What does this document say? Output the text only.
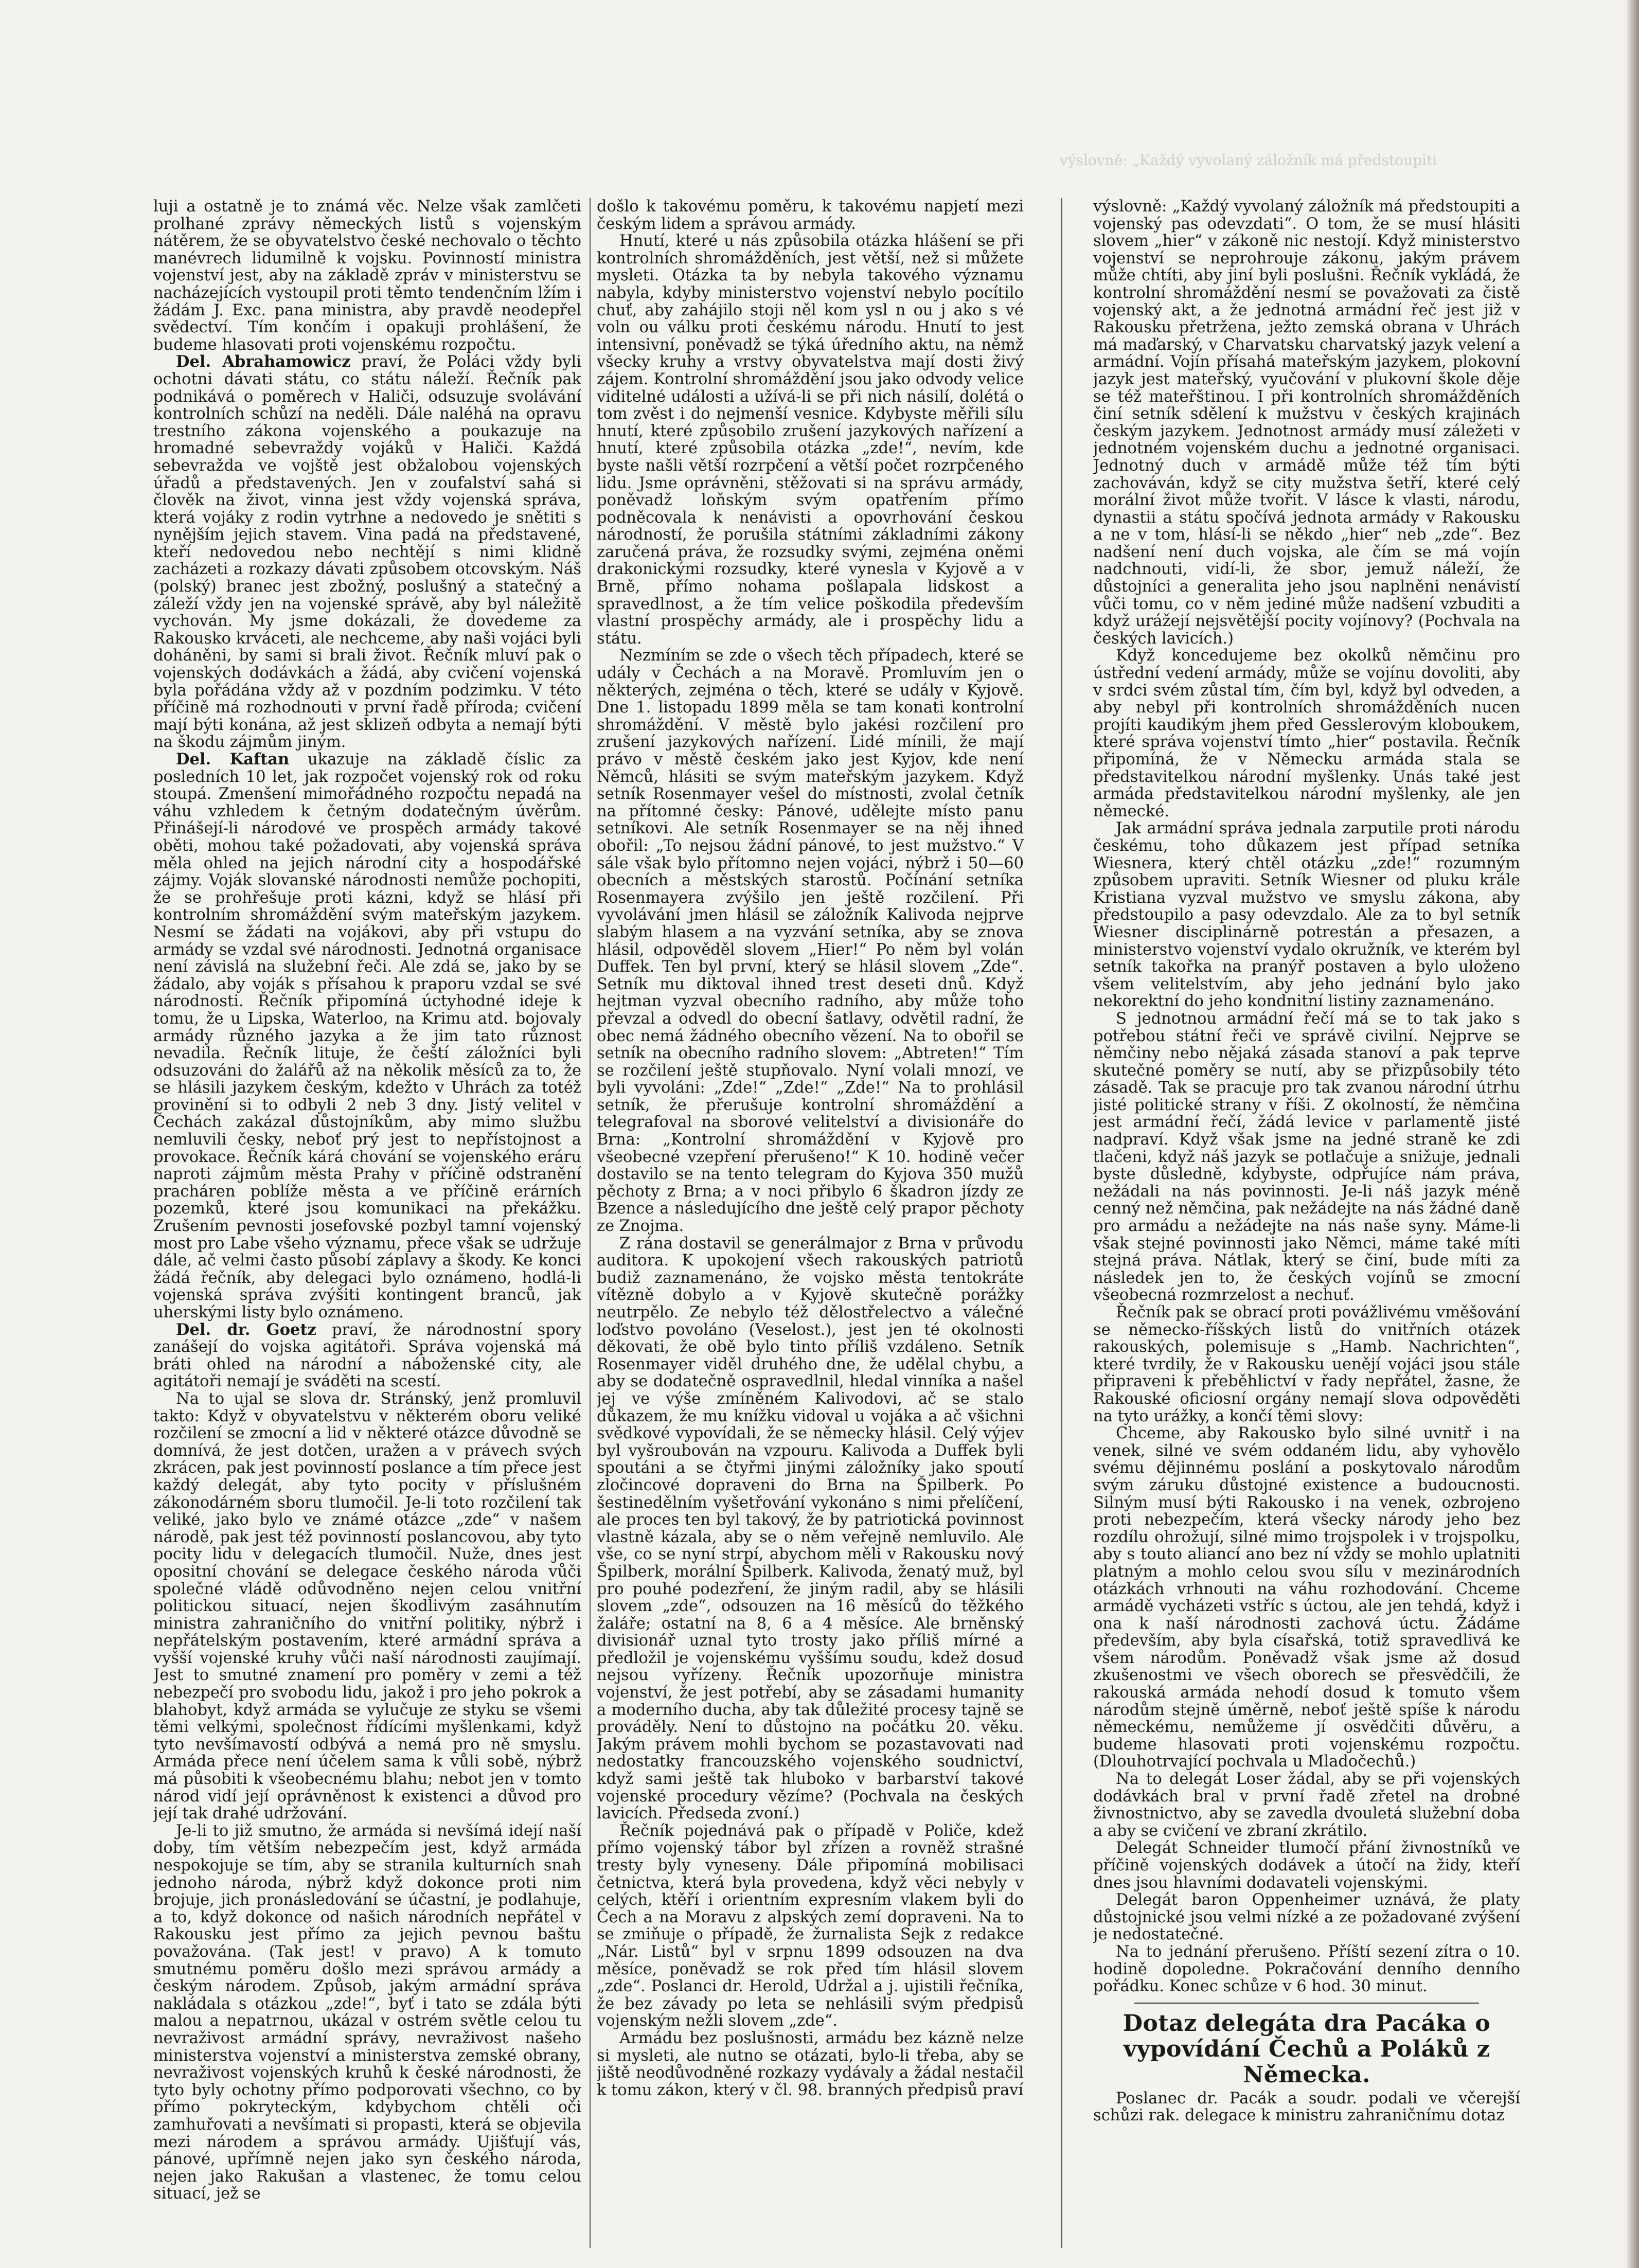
výslovně: „Každý vyvolaný záložník má předstoupiti

luji a ostatně je to známá věc. Nelze však zamlčeti prolhané zprávy německých listů s vojenským nátěrem, že se obyvatelstvo české nechovalo o těchto manévrech lidumilně k vojsku. Povinností ministra vojenství jest, aby na základě zpráv v ministerstvu se nacházejících vystoupil proti těmto tendenčním lžím i žádám J. Exc. pana ministra, aby pravdě neodepřel svědectví. Tím končím i opakuji prohlášení, že budeme hlasovati proti vojenskému rozpočtu.

Del. Abrahamowicz praví, že Poláci vždy byli ochotni dávati státu, co státu náleží. Řečník pak podnikává o poměrech v Haliči, odsuzuje svolávání kontrolních schůzí na neděli. Dále naléhá na opravu trestního zákona vojenského a poukazuje na hromadné sebevraždy vojáků v Haliči. Každá sebevražda ve vojště jest obžalobou vojenských úřadů a představených. Jen v zoufalství sahá si člověk na život, vinna jest vždy vojenská správa, která vojáky z rodin vytrhne a nedovedo je snětiti s nynějším jejich stavem. Vina padá na představené, kteří nedovedou nebo nechtějí s nimi klidně zacházeti a rozkazy dávati způsobem otcovským. Náš (polský) branec jest zbožný, poslušný a statečný a záleží vždy jen na vojenské správě, aby byl náležitě vychován. My jsme dokázali, že dovedeme za Rakousko krváceti, ale nechceme, aby naši vojáci byli doháněni, by sami si brali život. Řečník mluví pak o vojenských dodávkách a žádá, aby cvičení vojenská byla pořádána vždy až v pozdním podzimku. V této příčině má rozhodnouti v první řadě příroda; cvičení mají býti konána, až jest sklizeň odbyta a nemají býti na škodu zájmům jiným.

Del. Kaftan ukazuje na základě číslic za posledních 10 let, jak rozpočet vojenský rok od roku stoupá. Zmenšení mimořádného rozpočtu nepadá na váhu vzhledem k četným dodatečným úvěrům. Přinášejí-li národové ve prospěch armády takové oběti, mohou také požadovati, aby vojenská správa měla ohled na jejich národní city a hospodářské zájmy. Voják slovanské národnosti nemůže pochopiti, že se prohřešuje proti kázni, když se hlásí při kontrolním shromáždění svým mateřským jazykem. Nesmí se žádati na vojákovi, aby při vstupu do armády se vzdal své národnosti. Jednotná organisace není závislá na služební řeči. Ale zdá se, jako by se žádalo, aby voják s přísahou k praporu vzdal se své národnosti. Řečník připomíná úctyhodné ideje k tomu, že u Lipska, Waterloo, na Krimu atd. bojovaly armády různého jazyka a že jim tato různost nevadila. Řečník lituje, že čeští záložníci byli odsuzováni do žalářů až na několik měsíců za to, že se hlásili jazykem českým, kdežto v Uhrách za totéž provinění si to odbyli 2 neb 3 dny. Jistý velitel v Čechách zakázal důstojníkům, aby mimo službu nemluvili česky, neboť prý jest to nepřístojnost a provokace. Řečník kárá chování se vojenského eráru naproti zájmům města Prahy v příčině odstranění pracháren poblíže města a ve příčině erárních pozemků, které jsou komunikaci na překážku. Zrušením pevnosti josefovské pozbyl tamní vojenský most pro Labe všeho významu, přece však se udržuje dále, ač velmi často působí záplavy a škody. Ke konci žádá řečník, aby delegaci bylo oznámeno, hodlá-li vojenská správa zvýšiti kontingent branců, jak uherskými listy bylo oznámeno.

Del. dr. Goetz praví, že národnostní spory zanášejí do vojska agitátoři. Správa vojenská má bráti ohled na národní a náboženské city, ale agitátoři nemají je sváděti na scestí.

Na to ujal se slova dr. Stránský, jenž promluvil takto: Když v obyvatelstvu v některém oboru veliké rozčilení se zmocní a lid v některé otázce důvodně se domnívá, že jest dotčen, uražen a v právech svých zkrácen, pak jest povinností poslance a tím přece jest každý delegát, aby tyto pocity v příslušném zákonodárném sboru tlumočil. Je-li toto rozčilení tak veliké, jako bylo ve známé otázce „zde“ v našem národě, pak jest též povinností poslancovou, aby tyto pocity lidu v delegacích tlumočil. Nuže, dnes jest opositní chování se delegace českého národa vůči společné vládě odůvodněno nejen celou vnitřní politickou situací, nejen škodlivým zasáhnutím ministra zahraničního do vnitřní politiky, nýbrž i nepřátelským postavením, které armádní správa a vyšší vojenské kruhy vůči naší národnosti zaujímají. Jest to smutné znamení pro poměry v zemi a též nebezpečí pro svobodu lidu, jakož i pro jeho pokrok a blahobyt, když armáda se vylučuje ze styku se všemi těmi velkými, společnost řídícími myšlenkami, když tyto nevšímavostí odbývá a nemá pro ně smyslu. Armáda přece není účelem sama k vůli sobě, nýbrž má působiti k všeobecnému blahu; nebot jen v tomto národ vidí její oprávněnost k existenci a důvod pro její tak drahé udržování.

Je-li to již smutno, že armáda si nevšímá idejí naší doby, tím větším nebezpečím jest, když armáda nespokojuje se tím, aby se stranila kulturních snah jednoho národa, nýbrž když dokonce proti nim brojuje, jich pronásledování se účastní, je podlahuje, a to, když dokonce od našich národních nepřátel v Rakousku jest přímo za jejich pevnou baštu považována. (Tak jest! v pravo) A k tomuto smutnému poměru došlo mezi správou armády a českým národem. Způsob, jakým armádní správa nakládala s otázkou „zde!“, byť i tato se zdála býti malou a nepatrnou, ukázal v ostrém světle celou tu nevraživost armádní správy, nevraživost našeho ministerstva vojenství a ministerstva zemské obrany, nevraživost vojenských kruhů k české národnosti, že tyto byly ochotny přímo podporovati všechno, co by přímo pokryteckým, kdybychom chtěli oči zamhuřovati a nevšímati si propasti, která se objevila mezi národem a správou armády. Ujišťují vás, pánové, upřímně nejen jako syn českého národa, nejen jako Rakušan a vlastenec, že tomu celou situací, jež se

došlo k takovému poměru, k takovému napjetí mezi českým lidem a správou armády.

Hnutí, které u nás způsobila otázka hlášení se při kontrolních shromážděních, jest větší, než si můžete mysleti. Otázka ta by nebyla takového významu nabyla, kdyby ministerstvo vojenství nebylo pocítilo chuť, aby zahájilo stoji něl kom ysl n ou j ako s vé voln ou válku proti českému národu. Hnutí to jest intensivní, poněvadž se týká úředního aktu, na němž všecky kruhy a vrstvy obyvatelstva mají dosti živý zájem. Kontrolní shromáždění jsou jako odvody velice viditelné události a užívá-li se při nich násilí, dolétá o tom zvěst i do nejmenší vesnice. Kdybyste měřili sílu hnutí, které způsobilo zrušení jazykových nařízení a hnutí, které způsobila otázka „zde!“, nevím, kde byste našli větší rozrpčení a větší počet rozrpčeného lidu. Jsme oprávněni, stěžovati si na správu armády, poněvadž loňským svým opatřením přímo podněcovala k nenávisti a opovrhování českou národností, že porušila státními základními zákony zaručená práva, že rozsudky svými, zejména oněmi drakonickými rozsudky, které vynesla v Kyjově a v Brně, přímo nohama pošlapala lidskost a spravedlnost, a že tím velice poškodila především vlastní prospěchy armády, ale i prospěchy lidu a státu.

Nezmíním se zde o všech těch případech, které se udály v Čechách a na Moravě. Promluvím jen o některých, zejména o těch, které se udály v Kyjově. Dne 1. listopadu 1899 měla se tam konati kontrolní shromáždění. V městě bylo jakési rozčilení pro zrušení jazykových nařízení. Lidé mínili, že mají právo v městě českém jako jest Kyjov, kde není Němců, hlásiti se svým mateřským jazykem. Když setník Rosenmayer vešel do místnosti, zvolal četník na přítomné česky: Pánové, udělejte místo panu setníkovi. Ale setník Rosenmayer se na něj ihned obořil: „To nejsou žádní pánové, to jest mužstvo.“ V sále však bylo přítomno nejen vojáci, nýbrž i 50—60 obecních a městských starostů. Počínání setníka Rosenmayera zvýšilo jen ještě rozčilení. Při vyvolávání jmen hlásil se záložník Kalivoda nejprve slabým hlasem a na vyzvání setníka, aby se znova hlásil, odpověděl slovem „Hier!“ Po něm byl volán Duffek. Ten byl první, který se hlásil slovem „Zde“. Setník mu diktoval ihned trest deseti dnů. Když hejtman vyzval obecního radního, aby může toho převzal a odvedl do obecní šatlavy, odvětil radní, že obec nemá žádného obecního vězení. Na to obořil se setník na obecního radního slovem: „Abtreten!“ Tím se rozčilení ještě stupňovalo. Nyní volali mnozí, ve byli vyvoláni: „Zde!“ „Zde!“ „Zde!“ Na to prohlásil setník, že přerušuje kontrolní shromáždění a telegrafoval na sborové velitelství a divisionáře do Brna: „Kontrolní shromáždění v Kyjově pro všeobecné vzepření přerušeno!“ K 10. hodině večer dostavilo se na tento telegram do Kyjova 350 mužů pěchoty z Brna; a v noci přibylo 6 škadron jízdy ze Bzence a následujícího dne ještě celý prapor pěchoty ze Znojma.

Z rána dostavil se generálmajor z Brna v průvodu auditora. K upokojení všech rakouských patriotů budiž zaznamenáno, že vojsko města tentokráte vítězně dobylo a v Kyjově skutečně porážky neutrpělo. Ze nebylo též dělostřelectvo a válečné loďstvo povoláno (Veselost.), jest jen té okolnosti děkovati, že obě bylo tinto příliš vzdáleno. Setník Rosenmayer viděl druhého dne, že udělal chybu, a aby se dodatečně ospravedlnil, hledal vinníka a našel jej ve výše zmíněném Kalivodovi, ač se stalo důkazem, že mu knížku vidoval u vojáka a ač všichni svědkové vypovídali, že se německy hlásil. Celý výjev byl vyšroubován na vzpouru. Kalivoda a Duffek byli spoutáni a se čtyřmi jinými záložníky jako spoutí zločincové dopraveni do Brna na Špilberk. Po šestinedělním vyšetřování vykonáno s nimi přelíčení, ale proces ten byl takový, že by patriotická povinnost vlastně kázala, aby se o něm veřejně nemluvilo. Ale vše, co se nyní strpí, abychom měli v Rakousku nový Špilberk, morální Špilberk. Kalivoda, ženatý muž, byl pro pouhé podezření, že jiným radil, aby se hlásili slovem „zde“, odsouzen na 16 měsíců do těžkého žaláře; ostatní na 8, 6 a 4 měsíce. Ale brněnský divisionář uznal tyto trosty jako příliš mírné a předložil je vojenskému vyššímu soudu, kdež dosud nejsou vyřízeny. Řečník upozorňuje ministra vojenství, že jest potřebí, aby se zásadami humanity a moderního ducha, aby tak důležité procesy tajně se prováděly. Není to důstojno na počátku 20. věku. Jakým právem mohli bychom se pozastavovati nad nedostatky francouzského vojenského soudnictví, když sami ještě tak hluboko v barbarství takové vojenské procedury vězíme? (Pochvala na českých lavicích. Předseda zvoní.)

Řečník pojednává pak o případě v Poliče, kdež přímo vojenský tábor byl zřízen a rovněž strašné tresty byly vyneseny. Dále připomíná mobilisaci četnictva, která byla provedena, když věci nebyly v celých, ktěří i orientním expresním vlakem byli do Čech a na Moravu z alpských zemí dopraveni. Na to se zmiňuje o případě, že žurnalista Sejk z redakce „Nár. Listů“ byl v srpnu 1899 odsouzen na dva měsíce, poněvadž se rok před tím hlásil slovem „zde“. Poslanci dr. Herold, Udržal a j. ujistili řečníka, že bez závady po leta se nehlásili svým předpisů vojenským nežli slovem „zde“.

Armádu bez poslušnosti, armádu bez kázně nelze si mysleti, ale nutno se otázati, bylo-li třeba, aby se jiště neodůvodněné rozkazy vydávaly a žádal nestačil k tomu zákon, který v čl. 98. branných předpisů praví

výslovně: „Každý vyvolaný záložník má předstoupiti a vojenský pas odevzdati“. O tom, že se musí hlásiti slovem „hier“ v zákoně nic nestojí. Když ministerstvo vojenství se neprohrouje zákonu, jakým právem může chtíti, aby jiní byli poslušni. Řečník vykládá, že kontrolní shromáždění nesmí se považovati za čistě vojenský akt, a že jednotná armádní řeč jest již v Rakousku přetržena, ježto zemská obrana v Uhrách má maďarský, v Charvatsku charvatský jazyk velení a armádní. Vojín přísahá mateřským jazykem, plokovní jazyk jest mateřský, vyučování v plukovní škole děje se též mateřštinou. I při kontrolních shromážděních činí setník sdělení k mužstvu v českých krajinách českým jazykem. Jednotnost armády musí záležeti v jednotném vojenském duchu a jednotné organisaci. Jednotný duch v armádě může též tím býti zachováván, když se city mužstva šetří, které celý morální život může tvořit. V lásce k vlasti, národu, dynastii a státu spočívá jednota armády v Rakousku a ne v tom, hlásí-li se někdo „hier“ neb „zde“. Bez nadšení není duch vojska, ale čím se má vojín nadchnouti, vidí-li, že sbor, jemuž náleží, že důstojníci a generalita jeho jsou naplněni nenávistí vůči tomu, co v něm jediné může nadšení vzbuditi a když urážejí nejsvětější pocity vojínovy? (Pochvala na českých lavicích.)

Když koncedujeme bez okolků němčinu pro ústřední vedení armády, může se vojínu dovoliti, aby v srdci svém zůstal tím, čím byl, když byl odveden, a aby nebyl při kontrolních shromážděních nucen projíti kaudikým jhem před Gesslerovým kloboukem, které správa vojenství tímto „hier“ postavila. Řečník připomíná, že v Německu armáda stala se představitelkou národní myšlenky. Unás také jest armáda představitelkou národní myšlenky, ale jen německé.

Jak armádní správa jednala zarputile proti národu českému, toho důkazem jest případ setníka Wiesnera, který chtěl otázku „zde!“ rozumným způsobem upraviti. Setník Wiesner od pluku krále Kristiana vyzval mužstvo ve smyslu zákona, aby předstoupilo a pasy odevzdalo. Ale za to byl setník Wiesner disciplinárně potrestán a přesazen, a ministerstvo vojenství vydalo okružník, ve kterém byl setník takořka na pranýř postaven a bylo uloženo všem velitelstvím, aby jeho jednání bylo jako nekorektní do jeho kondnitní listiny zaznamenáno.

S jednotnou armádní řečí má se to tak jako s potřebou státní řeči ve správě civilní. Nejprve se němčiny nebo nějaká zásada stanoví a pak teprve skutečné poměry se nutí, aby se přizpůsobily této zásadě. Tak se pracuje pro tak zvanou národní útrhu jisté politické strany v říši. Z okolností, že němčina jest armádní řečí, žádá levice v parlamentě jisté nadpraví. Když však jsme na jedné straně ke zdi tlačeni, když náš jazyk se potlačuje a snižuje, jednali byste důsledně, kdybyste, odpřujíce nám práva, nežádali na nás povinnosti. Je-li náš jazyk méně cenný než němčina, pak nežádejte na nás žádné daně pro armádu a nežádejte na nás naše syny. Máme-li však stejné povinnosti jako Němci, máme také míti stejná práva. Nátlak, který se činí, bude míti za následek jen to, že českých vojínů se zmocní všeobecná rozmrzelost a nechuť.

Řečník pak se obrací proti povážlivému vměšování se německo-říšských listů do vnitřních otázek rakouských, polemisuje s „Hamb. Nachrichten“, které tvrdily, že v Rakousku uenějí vojáci jsou stále připraveni k přeběhlictví v řady nepřátel, žasne, že Rakouské oficiosní orgány nemají slova odpověděti na tyto urážky, a končí těmi slovy:

Chceme, aby Rakousko bylo silné uvnitř i na venek, silné ve svém oddaném lidu, aby vyhovělo svému dějinnému poslání a poskytovalo národům svým záruku důstojné existence a budoucnosti. Silným musí býti Rakousko i na venek, ozbrojeno proti nebezpečím, která všecky národy jeho bez rozdílu ohrožují, silné mimo trojspolek i v trojspolku, aby s touto aliancí ano bez ní vždy se mohlo uplatniti platným a mohlo celou svou sílu v mezinárodních otázkách vrhnouti na váhu rozhodování. Chceme armádě vycházeti vstříc s úctou, ale jen tehdá, když i ona k naší národnosti zachová úctu. Žádáme především, aby byla císařská, totiž spravedlivá ke všem národům. Poněvadž však jsme až dosud zkušenostmi ve všech oborech se přesvědčili, že rakouská armáda nehodí dosud k tomuto všem národům stejně úměrně, neboť ještě spíše k národu německému, nemůžeme jí osvědčiti důvěru, a budeme hlasovati proti vojenskému rozpočtu. (Dlouhotrvající pochvala u Mladočechů.)

Na to delegát Loser žádal, aby se při vojenských dodávkách bral v první řadě zřetel na drobné živnostnictvo, aby se zavedla dvouletá služební doba a aby se cvičení ve zbraní zkrátilo.

Delegát Schneider tlumočí přání živnostníků ve příčině vojenských dodávek a útočí na židy, kteří dnes jsou hlavními dodavateli vojenskými.

Delegát baron Oppenheimer uznává, že platy důstojnické jsou velmi nízké a ze požadované zvýšení je nedostatečné.

Na to jednání přerušeno. Příští sezení zítra o 10. hodině dopoledne. Pokračování denního denního pořádku. Konec schůze v 6 hod. 30 minut.

Dotaz delegáta dra Pacáka o vypovídání Čechů a Poláků z Německa.

Poslanec dr. Pacák a soudr. podali ve včerejší schůzi rak. delegace k ministru zahraničnímu dotaz
